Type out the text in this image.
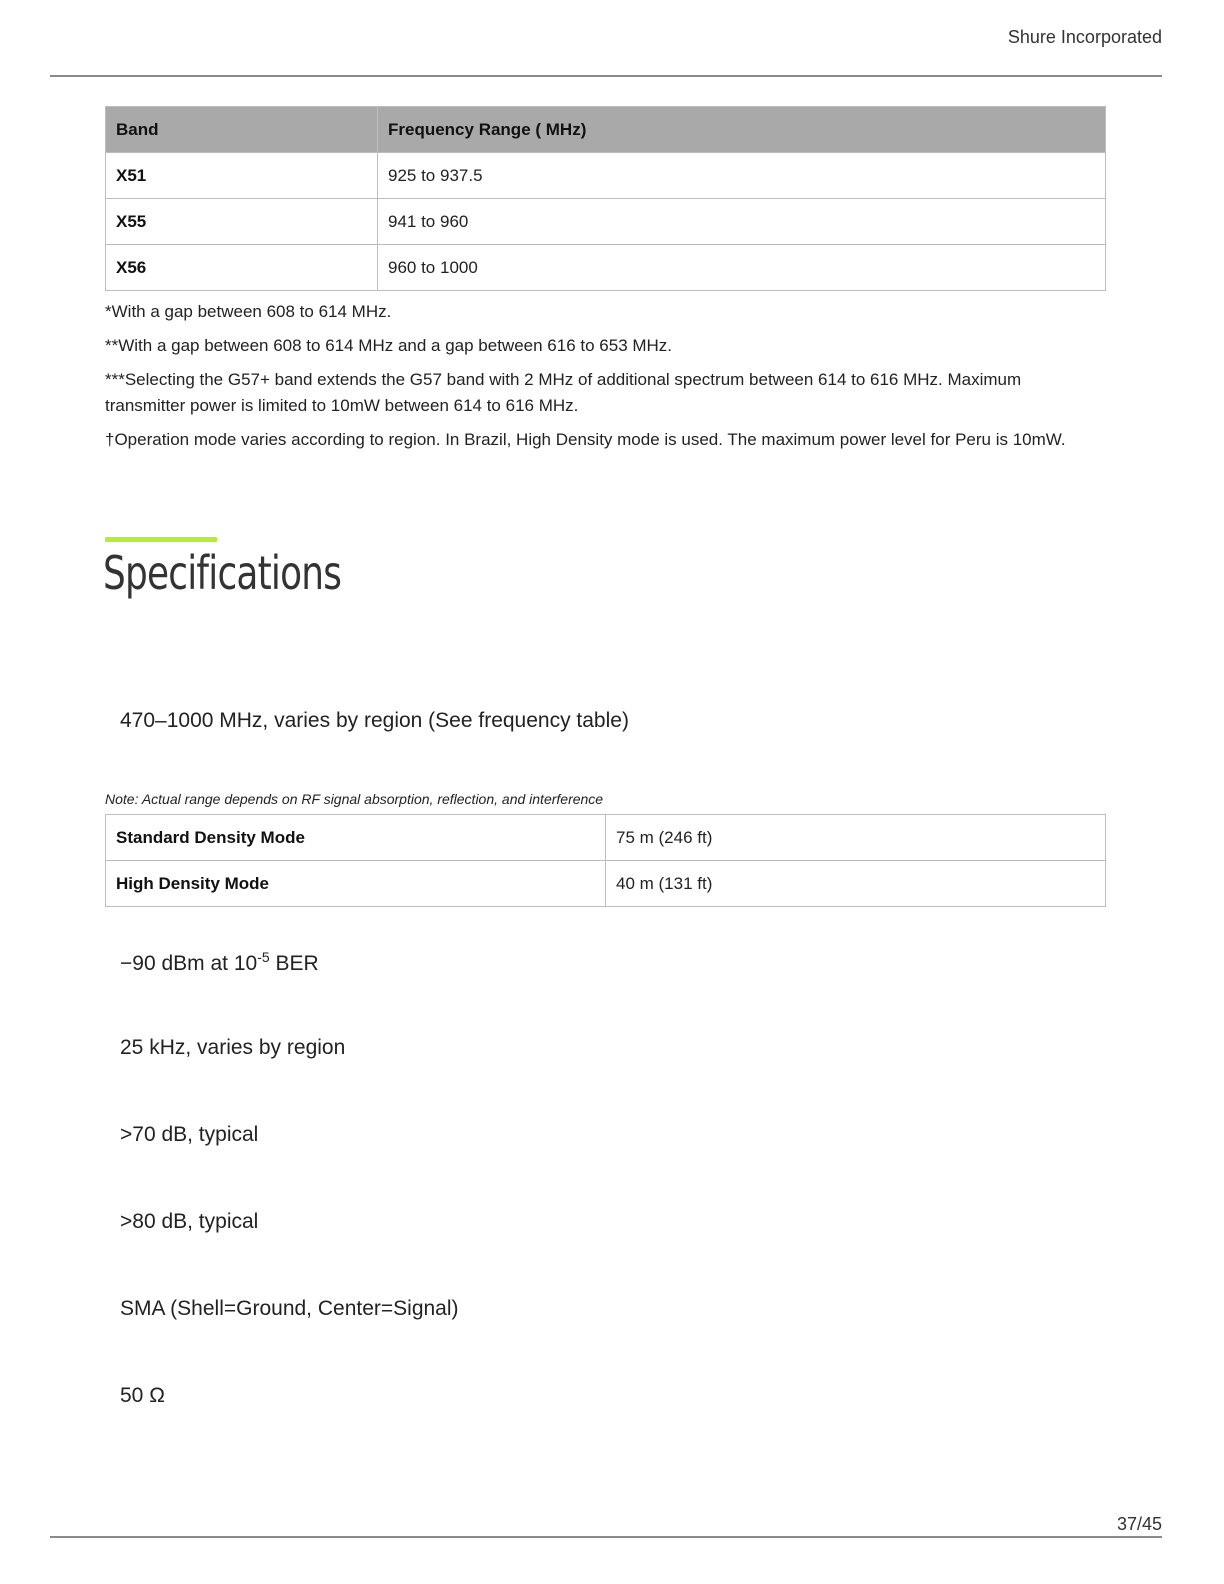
Shure Incorporated
Band	Frequency Range ( MHz)
X51	925 to 937.5
X55	941 to 960
X56	960 to 1000

*With a gap between 608 to 614 MHz.

**With a gap between 608 to 614 MHz and a gap between 616 to 653 MHz.

***Selecting the G57+ band extends the G57 band with 2 MHz of additional spectrum between 614 to 616 MHz. Maximum transmitter power is limited to 10mW between 614 to 616 MHz.

†Operation mode varies according to region. In Brazil, High Density mode is used. The maximum power level for Peru is 10mW.

Specifications

470–1000 MHz, varies by region (See frequency table)

Note: Actual range depends on RF signal absorption, reflection, and interference
Standard Density Mode	75 m (246 ft)
High Density Mode	40 m (131 ft)

−90 dBm at $10^{-5}$ BER

25 kHz, varies by region

>70 dB, typical

>80 dB, typical

SMA (Shell=Ground, Center=Signal)

50 Ω

37/45
